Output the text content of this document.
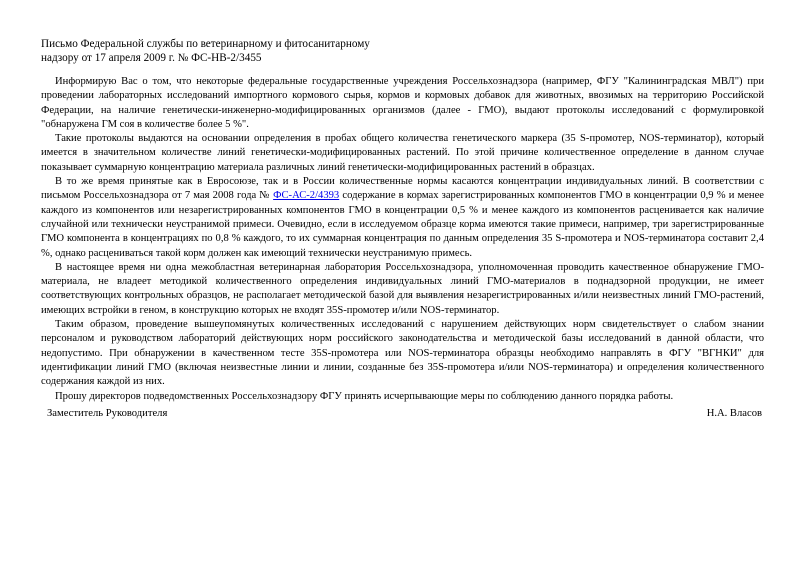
Письмо Федеральной службы по ветеринарному и фитосанитарному
надзору от 17 апреля 2009 г. № ФС-НВ-2/3455

Информирую Вас о том, что некоторые федеральные государственные учреждения Россельхознадзора (например, ФГУ "Калининградская МВЛ") при проведении лабораторных исследований импортного кормового сырья, кормов и кормовых добавок для животных, ввозимых на территорию Российской Федерации, на наличие генетически-инженерно-модифицированных организмов (далее - ГМО), выдают протоколы исследований с формулировкой "обнаружена ГМ соя в количестве более 5 %".

Такие протоколы выдаются на основании определения в пробах общего количества генетического маркера (35 S-промотер, NOS-терминатор), который имеется в значительном количестве линий генетически-модифицированных растений. По этой причине количественное определение в данном случае показывает суммарную концентрацию материала различных линий генетически-модифицированных растений в образцах.

В то же время принятые как в Евросоюзе, так и в России количественные нормы касаются концентрации индивидуальных линий. В соответствии с письмом Россельхознадзора от 7 мая 2008 года № ФС-АС-2/4393 содержание в кормах зарегистрированных компонентов ГМО в концентрации 0,9 % и менее каждого из компонентов или незарегистрированных компонентов ГМО в концентрации 0,5 % и менее каждого из компонентов расценивается как наличие случайной или технически неустранимой примеси. Очевидно, если в исследуемом образце корма имеются такие примеси, например, три зарегистрированные ГМО компонента в концентрациях по 0,8 % каждого, то их суммарная концентрация по данным определения 35 S-промотера и NOS-терминатора составит 2,4 %, однако расцениваться такой корм должен как имеющий технически неустранимую примесь.

В настоящее время ни одна межобластная ветеринарная лаборатория Россельхознадзора, уполномоченная проводить качественное обнаружение ГМО-материала, не владеет методикой количественного определения индивидуальных линий ГМО-материалов в поднадзорной продукции, не имеет соответствующих контрольных образцов, не располагает методической базой для выявления незарегистрированных и/или неизвестных линий ГМО-растений, имеющих встройки в геном, в конструкцию которых не входят 35S-промотер и/или NOS-терминатор.

Таким образом, проведение вышеупомянутых количественных исследований с нарушением действующих норм свидетельствует о слабом знании персоналом и руководством лабораторий действующих норм российского законодательства и методической базы исследований в данной области, что недопустимо. При обнаружении в качественном тесте 35S-промотера или NOS-терминатора образцы необходимо направлять в ФГУ "ВГНКИ" для идентификации линий ГМО (включая неизвестные линии и линии, созданные без 35S-промотера и/или NOS-терминатора) и определения количественного содержания каждой из них.

Прошу директоров подведомственных Россельхознадзору ФГУ принять исчерпывающие меры по соблюдению данного порядка работы.

Заместитель Руководителя	Н.А. Власов
